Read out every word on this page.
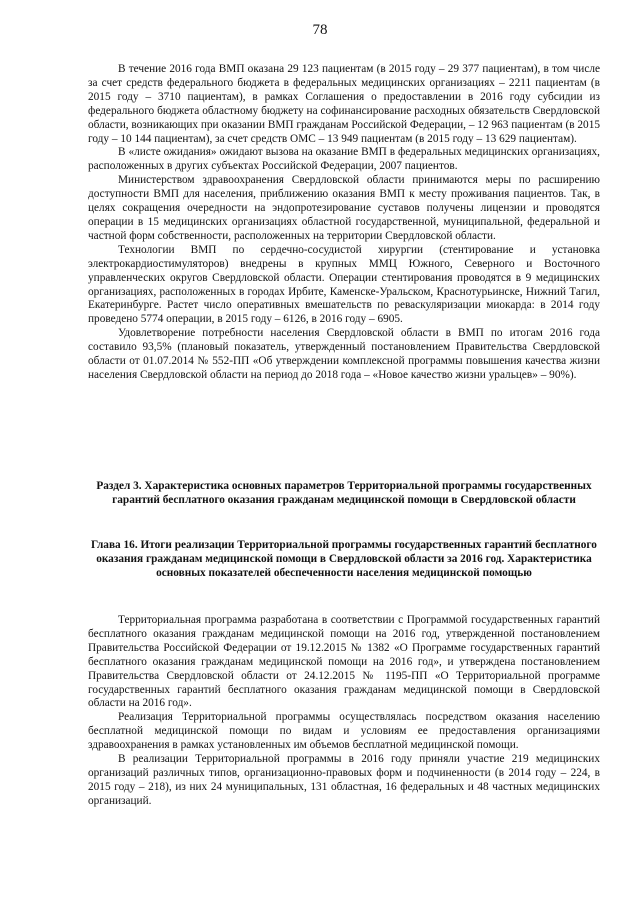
78

В течение 2016 года ВМП оказана 29 123 пациентам (в 2015 году – 29 377 пациентам), в том числе за счет средств федерального бюджета в федеральных медицинских организациях – 2211 пациентам (в 2015 году – 3710 пациентам), в рамках Соглашения о предоставлении в 2016 году субсидии из федерального бюджета областному бюджету на софинансирование расходных обязательств Свердловской области, возникающих при оказании ВМП гражданам Российской Федерации, – 12 963 пациентам (в 2015 году – 10 144 пациентам), за счет средств ОМС – 13 949 пациентам (в 2015 году – 13 629 пациентам).

В «листе ожидания» ожидают вызова на оказание ВМП в федеральных медицинских организациях, расположенных в других субъектах Российской Федерации, 2007 пациентов.

Министерством здравоохранения Свердловской области принимаются меры по расширению доступности ВМП для населения, приближению оказания ВМП к месту проживания пациентов. Так, в целях сокращения очередности на эндопротезирование суставов получены лицензии и проводятся операции в 15 медицинских организациях областной государственной, муниципальной, федеральной и частной форм собственности, расположенных на территории Свердловской области.

Технологии ВМП по сердечно-сосудистой хирургии (стентирование и установка электрокардиостимуляторов) внедрены в крупных ММЦ Южного, Северного и Восточного управленческих округов Свердловской области. Операции стентирования проводятся в 9 медицинских организациях, расположенных в городах Ирбите, Каменске-Уральском, Краснотурьинске, Нижний Тагил, Екатеринбурге. Растет число оперативных вмешательств по реваскуляризации миокарда: в 2014 году проведено 5774 операции, в 2015 году – 6126, в 2016 году – 6905.

Удовлетворение потребности населения Свердловской области в ВМП по итогам 2016 года составило 93,5% (плановый показатель, утвержденный постановлением Правительства Свердловской области от 01.07.2014 № 552-ПП «Об утверждении комплексной программы повышения качества жизни населения Свердловской области на период до 2018 года – «Новое качество жизни уральцев» – 90%).

Раздел 3. Характеристика основных параметров Территориальной программы государственных гарантий бесплатного оказания гражданам медицинской помощи в Свердловской области

Глава 16. Итоги реализации Территориальной программы государственных гарантий бесплатного оказания гражданам медицинской помощи в Свердловской области за 2016 год. Характеристика основных показателей обеспеченности населения медицинской помощью

Территориальная программа разработана в соответствии с Программой государственных гарантий бесплатного оказания гражданам медицинской помощи на 2016 год, утвержденной постановлением Правительства Российской Федерации от 19.12.2015 № 1382 «О Программе государственных гарантий бесплатного оказания гражданам медицинской помощи на 2016 год», и утверждена постановлением Правительства Свердловской области от 24.12.2015 № 1195-ПП «О Территориальной программе государственных гарантий бесплатного оказания гражданам медицинской помощи в Свердловской области на 2016 год».

Реализация Территориальной программы осуществлялась посредством оказания населению бесплатной медицинской помощи по видам и условиям ее предоставления организациями здравоохранения в рамках установленных им объемов бесплатной медицинской помощи.

В реализации Территориальной программы в 2016 году приняли участие 219 медицинских организаций различных типов, организационно-правовых форм и подчиненности (в 2014 году – 224, в 2015 году – 218), из них 24 муниципальных, 131 областная, 16 федеральных и 48 частных медицинских организаций.
